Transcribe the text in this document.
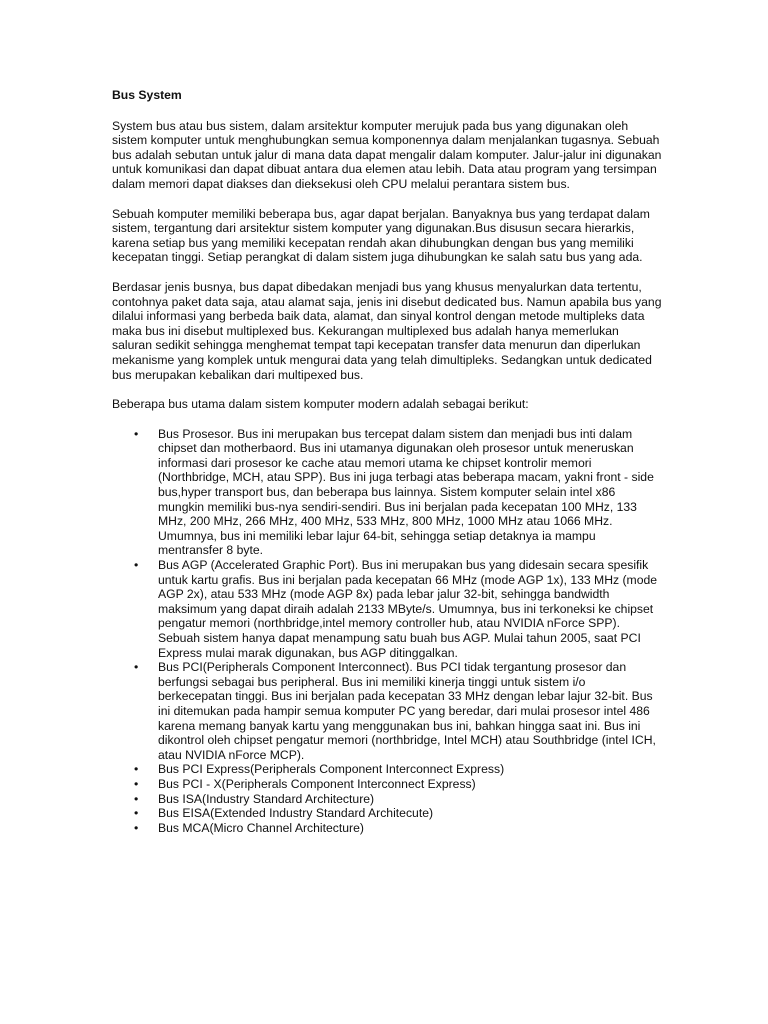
Bus System

System bus atau bus sistem, dalam arsitektur komputer merujuk pada bus yang digunakan oleh sistem komputer untuk menghubungkan semua komponennya dalam menjalankan tugasnya. Sebuah bus adalah sebutan untuk jalur di mana data dapat mengalir dalam komputer. Jalur-jalur ini digunakan untuk komunikasi dan dapat dibuat antara dua elemen atau lebih. Data atau program yang tersimpan dalam memori dapat diakses dan dieksekusi oleh CPU melalui perantara sistem bus.

Sebuah komputer memiliki beberapa bus, agar dapat berjalan. Banyaknya bus yang terdapat dalam sistem, tergantung dari arsitektur sistem komputer yang digunakan.Bus disusun secara hierarkis, karena setiap bus yang memiliki kecepatan rendah akan dihubungkan dengan bus yang memiliki kecepatan tinggi. Setiap perangkat di dalam sistem juga dihubungkan ke salah satu bus yang ada.

Berdasar jenis busnya, bus dapat dibedakan menjadi bus yang khusus menyalurkan data tertentu, contohnya paket data saja, atau alamat saja, jenis ini disebut dedicated bus. Namun apabila bus yang dilalui informasi yang berbeda baik data, alamat, dan sinyal kontrol dengan metode multipleks data maka bus ini disebut multiplexed bus. Kekurangan multiplexed bus adalah hanya memerlukan saluran sedikit sehingga menghemat tempat tapi kecepatan transfer data menurun dan diperlukan mekanisme yang komplek untuk mengurai data yang telah dimultipleks. Sedangkan untuk dedicated bus merupakan kebalikan dari multipexed bus.

Beberapa bus utama dalam sistem komputer modern adalah sebagai berikut:

• Bus Prosesor. Bus ini merupakan bus tercepat dalam sistem dan menjadi bus inti dalam chipset dan motherbaord. Bus ini utamanya digunakan oleh prosesor untuk meneruskan informasi dari prosesor ke cache atau memori utama ke chipset kontrolir memori (Northbridge, MCH, atau SPP). Bus ini juga terbagi atas beberapa macam, yakni front - side bus,hyper transport bus, dan beberapa bus lainnya. Sistem komputer selain intel x86 mungkin memiliki bus-nya sendiri-sendiri. Bus ini berjalan pada kecepatan 100 MHz, 133 MHz, 200 MHz, 266 MHz, 400 MHz, 533 MHz, 800 MHz, 1000 MHz atau 1066 MHz. Umumnya, bus ini memiliki lebar lajur 64-bit, sehingga setiap detaknya ia mampu mentransfer 8 byte.
• Bus AGP (Accelerated Graphic Port). Bus ini merupakan bus yang didesain secara spesifik untuk kartu grafis. Bus ini berjalan pada kecepatan 66 MHz (mode AGP 1x), 133 MHz (mode AGP 2x), atau 533 MHz (mode AGP 8x) pada lebar jalur 32-bit, sehingga bandwidth maksimum yang dapat diraih adalah 2133 MByte/s. Umumnya, bus ini terkoneksi ke chipset pengatur memori (northbridge,intel memory controller hub, atau NVIDIA nForce SPP). Sebuah sistem hanya dapat menampung satu buah bus AGP. Mulai tahun 2005, saat PCI Express mulai marak digunakan, bus AGP ditinggalkan.
• Bus PCI(Peripherals Component Interconnect). Bus PCI tidak tergantung prosesor dan berfungsi sebagai bus peripheral. Bus ini memiliki kinerja tinggi untuk sistem i/o berkecepatan tinggi. Bus ini berjalan pada kecepatan 33 MHz dengan lebar lajur 32-bit. Bus ini ditemukan pada hampir semua komputer PC yang beredar, dari mulai prosesor intel 486 karena memang banyak kartu yang menggunakan bus ini, bahkan hingga saat ini. Bus ini dikontrol oleh chipset pengatur memori (northbridge, Intel MCH) atau Southbridge (intel ICH, atau NVIDIA nForce MCP).
• Bus PCI Express(Peripherals Component Interconnect Express)
• Bus PCI - X(Peripherals Component Interconnect Express)
• Bus ISA(Industry Standard Architecture)
• Bus EISA(Extended Industry Standard Architecute)
• Bus MCA(Micro Channel Architecture)
